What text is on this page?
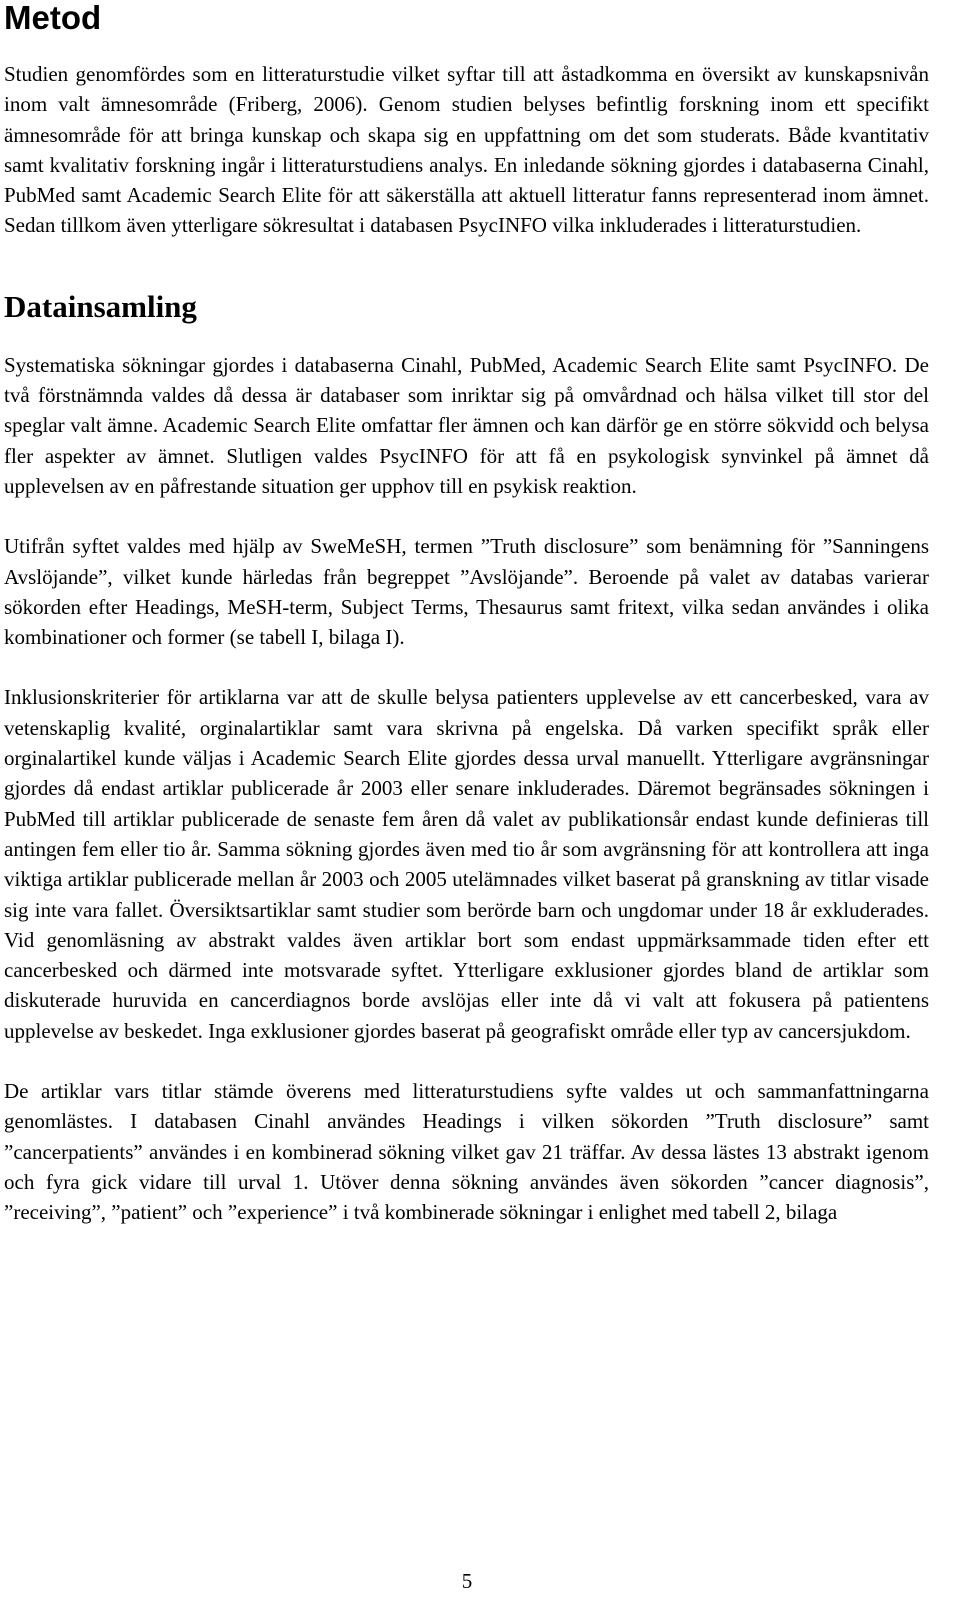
Metod

Studien genomfördes som en litteraturstudie vilket syftar till att åstadkomma en översikt av kunskapsnivån inom valt ämnesområde (Friberg, 2006). Genom studien belyses befintlig forskning inom ett specifikt ämnesområde för att bringa kunskap och skapa sig en uppfattning om det som studerats. Både kvantitativ samt kvalitativ forskning ingår i litteraturstudiens analys. En inledande sökning gjordes i databaserna Cinahl, PubMed samt Academic Search Elite för att säkerställa att aktuell litteratur fanns representerad inom ämnet. Sedan tillkom även ytterligare sökresultat i databasen PsycINFO vilka inkluderades i litteraturstudien.

Datainsamling

Systematiska sökningar gjordes i databaserna Cinahl, PubMed, Academic Search Elite samt PsycINFO. De två förstnämnda valdes då dessa är databaser som inriktar sig på omvårdnad och hälsa vilket till stor del speglar valt ämne. Academic Search Elite omfattar fler ämnen och kan därför ge en större sökvidd och belysa fler aspekter av ämnet. Slutligen valdes PsycINFO för att få en psykologisk synvinkel på ämnet då upplevelsen av en påfrestande situation ger upphov till en psykisk reaktion.

Utifrån syftet valdes med hjälp av SweMeSH, termen ”Truth disclosure” som benämning för ”Sanningens Avslöjande”, vilket kunde härledas från begreppet ”Avslöjande”. Beroende på valet av databas varierar sökorden efter Headings, MeSH-term, Subject Terms, Thesaurus samt fritext, vilka sedan användes i olika kombinationer och former (se tabell I, bilaga I).

Inklusionskriterier för artiklarna var att de skulle belysa patienters upplevelse av ett cancerbesked, vara av vetenskaplig kvalité, orginalartiklar samt vara skrivna på engelska. Då varken specifikt språk eller orginalartikel kunde väljas i Academic Search Elite gjordes dessa urval manuellt. Ytterligare avgränsningar gjordes då endast artiklar publicerade år 2003 eller senare inkluderades. Däremot begränsades sökningen i PubMed till artiklar publicerade de senaste fem åren då valet av publikationsår endast kunde definieras till antingen fem eller tio år. Samma sökning gjordes även med tio år som avgränsning för att kontrollera att inga viktiga artiklar publicerade mellan år 2003 och 2005 utelämnades vilket baserat på granskning av titlar visade sig inte vara fallet. Översiktsartiklar samt studier som berörde barn och ungdomar under 18 år exkluderades. Vid genomläsning av abstrakt valdes även artiklar bort som endast uppmärksammade tiden efter ett cancerbesked och därmed inte motsvarade syftet. Ytterligare exklusioner gjordes bland de artiklar som diskuterade huruvida en cancerdiagnos borde avslöjas eller inte då vi valt att fokusera på patientens upplevelse av beskedet. Inga exklusioner gjordes baserat på geografiskt område eller typ av cancersjukdom.

De artiklar vars titlar stämde överens med litteraturstudiens syfte valdes ut och sammanfattningarna genomlästes. I databasen Cinahl användes Headings i vilken sökorden ”Truth disclosure” samt ”cancerpatients” användes i en kombinerad sökning vilket gav 21 träffar. Av dessa lästes 13 abstrakt igenom och fyra gick vidare till urval 1. Utöver denna sökning användes även sökorden ”cancer diagnosis”, ”receiving”, ”patient” och ”experience” i två kombinerade sökningar i enlighet med tabell 2, bilaga

5
